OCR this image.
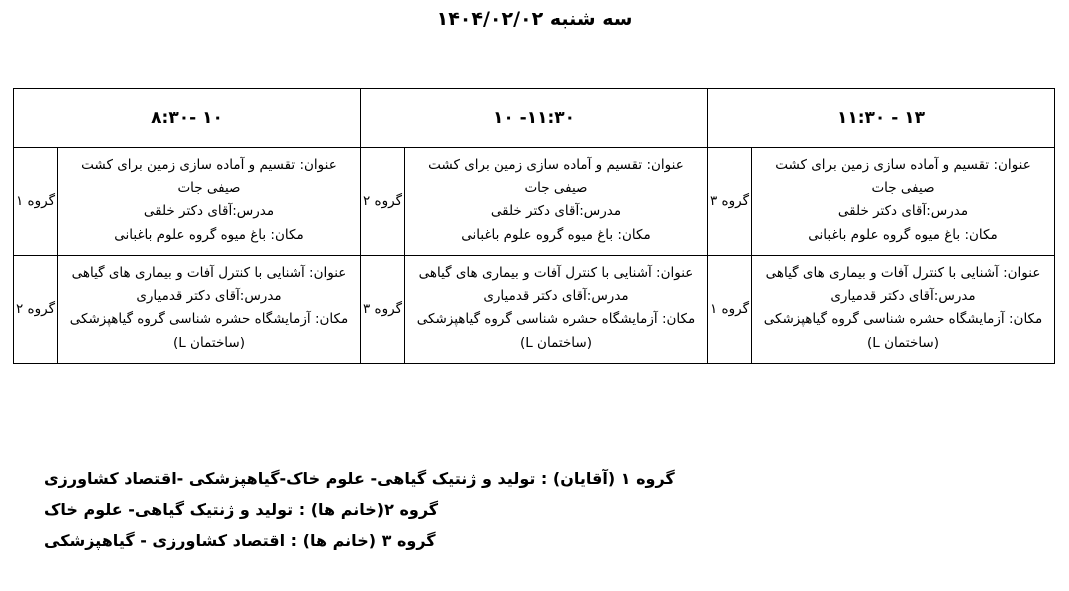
سه شنبه ۱۴۰۴/۰۲/۰۲
۱۳ - ۱۱:۳۰		۱۱:۳۰- ۱۰		۱۰ -۸:۳۰	

عنوان: تقسیم و آماده سازی زمین برای کشت صیفی جات
مدرس:آقای دکتر خلقی
مکان: باغ میوه گروه علوم باغبانی	گروه ۳	عنوان: تقسیم و آماده سازی زمین برای کشت صیفی جات
مدرس:آقای دکتر خلقی
مکان: باغ میوه گروه علوم باغبانی	گروه ۲	عنوان: تقسیم و آماده سازی زمین برای کشت صیفی جات
مدرس:آقای دکتر خلقی
مکان: باغ میوه گروه علوم باغبانی	گروه ۱

عنوان: آشنایی با کنترل آفات و بیماری های گیاهی
مدرس:آقای دکتر قدمیاری
مکان: آزمایشگاه حشره شناسی گروه گیاهپزشکی (ساختمان L)	گروه ۱	عنوان: آشنایی با کنترل آفات و بیماری های گیاهی
مدرس:آقای دکتر قدمیاری
مکان: آزمایشگاه حشره شناسی گروه گیاهپزشکی (ساختمان L)	گروه ۳	عنوان: آشنایی با کنترل آفات و بیماری های گیاهی
مدرس:آقای دکتر قدمیاری
مکان: آزمایشگاه حشره شناسی گروه گیاهپزشکی (ساختمان L)	گروه ۲
گروه ۱ (آقایان) : تولید و ژنتیک گیاهی- علوم خاک-گیاهپزشکی -اقتصاد کشاورزی
گروه ۲(خانم ها) : تولید و ژنتیک گیاهی- علوم خاک
گروه ۳ (خانم ها) : اقتصاد کشاورزی - گیاهپزشکی
